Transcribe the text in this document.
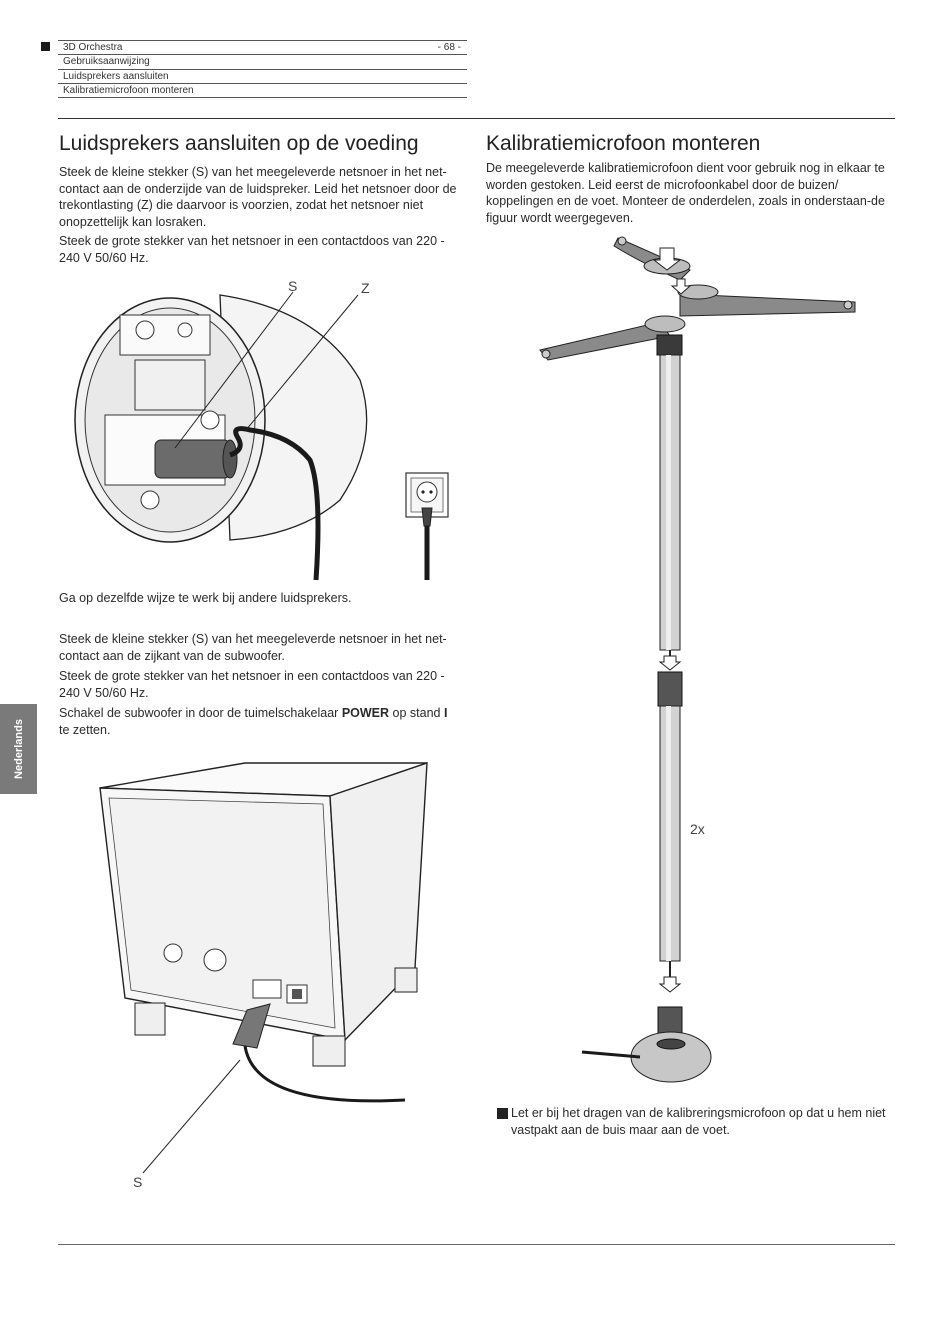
3D Orchestra	- 68 -
Gebruiksaanwijzing
Luidsprekers aansluiten
Kalibratiemicrofoon monteren
Nederlands
Luidsprekers aansluiten op de voeding

Steek de kleine stekker (S) van het meegeleverde netsnoer in het net-contact aan de onderzijde van de luidspreker. Leid het netsnoer door de trekontlasting (Z) die daarvoor is voorzien, zodat het netsnoer niet onopzettelijk kan losraken.

Steek de grote stekker van het netsnoer in een contactdoos van 220 - 240 V 50/60 Hz.

S	Z

Ga op dezelfde wijze te werk bij andere luidsprekers.

Steek de kleine stekker (S) van het meegeleverde netsnoer in het net-contact aan de zijkant van de subwoofer.

Steek de grote stekker van het netsnoer in een contactdoos van 220 - 240 V 50/60 Hz.

Schakel de subwoofer in door de tuimelschakelaar POWER op stand I te zetten.

S
Kalibratiemicrofoon monteren

De meegeleverde kalibratiemicrofoon dient voor gebruik nog in elkaar te worden gestoken. Leid eerst de microfoonkabel door de buizen/ koppelingen en de voet. Monteer de onderdelen, zoals in onderstaan-de figuur wordt weergegeven.

2x

i Let er bij het dragen van de kalibreringsmicrofoon op dat u hem niet vastpakt aan de buis maar aan de voet.
